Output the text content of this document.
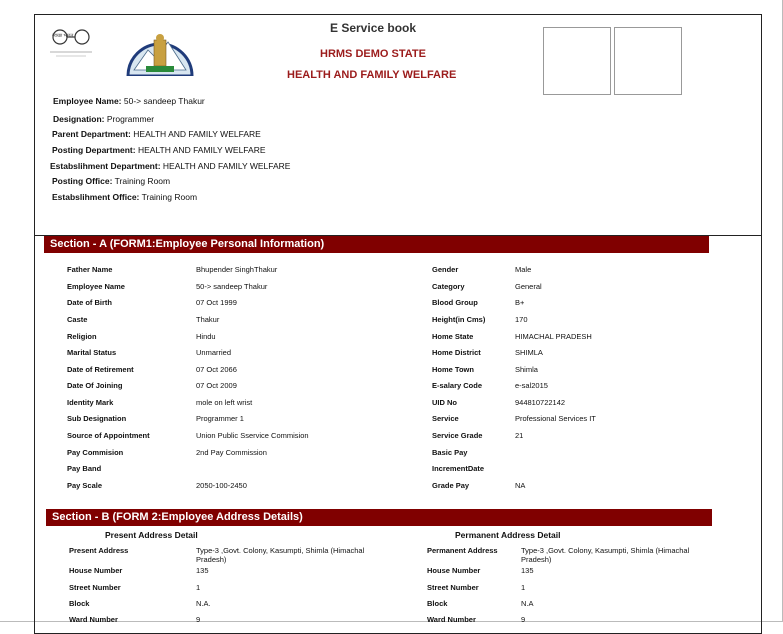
स्वच्छ भारत
E Service book
HRMS DEMO STATE
HEALTH AND FAMILY WELFARE
Employee Name: 50-> sandeep Thakur
Designation: Programmer
Parent Department: HEALTH AND FAMILY WELFARE
Posting Department: HEALTH AND FAMILY WELFARE
Estabslihment Department: HEALTH AND FAMILY WELFARE
Posting Office: Training Room
Estabslihment Office: Training Room
Section - A (FORM1:Employee Personal Information)
Father Name	Bhupender SinghThakur
Employee Name	50-> sandeep Thakur
Date of Birth	07 Oct 1999
Caste	Thakur
Religion	Hindu
Marital Status	Unmarried
Date of Retirement	07 Oct 2066
Date Of Joining	07 Oct 2009
Identity Mark	mole on left wrist
Sub Designation	Programmer 1
Source of Appointment	Union Public Sservice Commision
Pay Commision	2nd Pay Commission
Pay Band
Pay Scale	2050-100-2450
Gender	Male
Category	General
Blood Group	B+
Height(in Cms)	170
Home State	HIMACHAL PRADESH
Home District	SHIMLA
Home Town	Shimla
E-salary Code	e-sal2015
UID No	944810722142
Service	Professional Services IT
Service Grade	21
Basic Pay
IncrementDate
Grade Pay	NA
Section - B (FORM 2:Employee Address Details)
Present Address Detail	Permanent Address Detail
Present Address	Type-3 ,Govt. Colony, Kasumpti, Shimla (Himachal Pradesh)
House Number	135
Street Number	1
Block	N.A.
Ward Number	9
Permanent Address	Type-3 ,Govt. Colony, Kasumpti, Shimla (Himachal Pradesh)
House Number	135
Street Number	1
Block	N.A
Ward Number	9
